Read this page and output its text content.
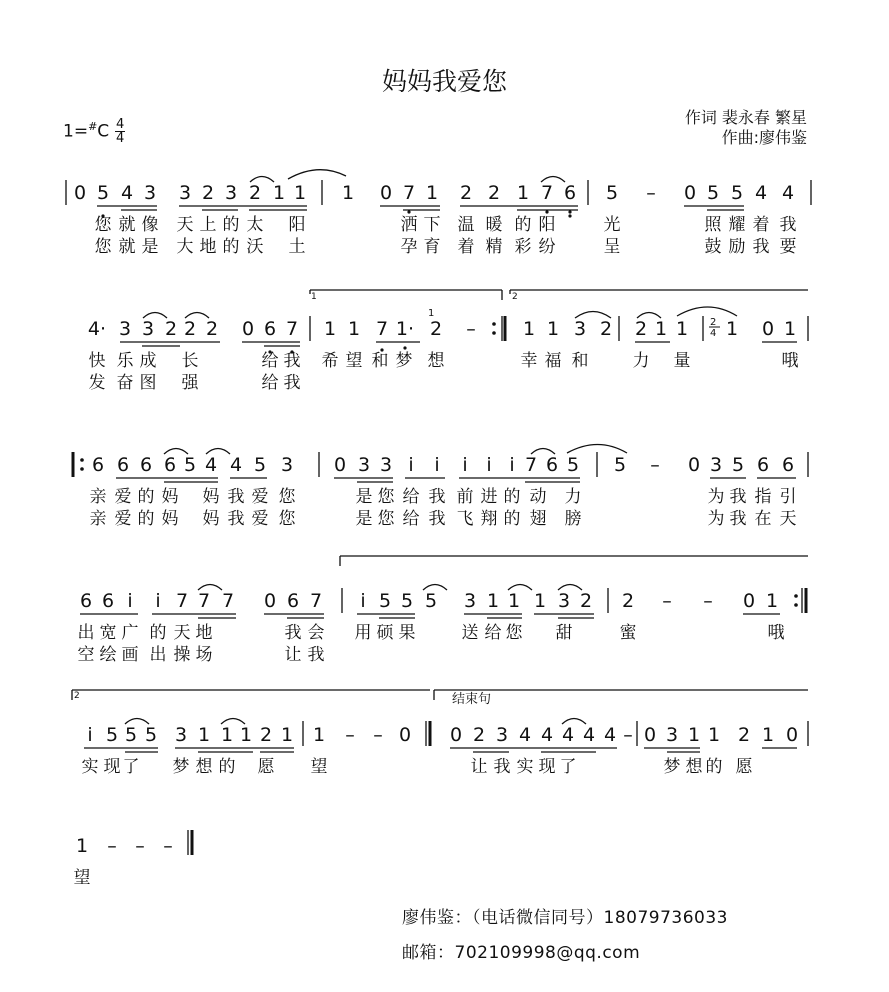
妈妈我爱您
作词 裴永春 繁星
作曲:廖伟鉴
$1=^{\#}C \frac{4}{4}$
0 5 4 3 3 2 3 2 1 1 1 0 7 1 2 2 1 7 6 5 – 0 5 5 4 4
4· 3 3 2 2 2 0 6 7 1 1 7 1· 2 – 1 1 3 2 2 1 1 1 0 1
6 6 6 6 5 4 4 5 3 0 3 3 i i i i i 7 6 5 5 – 0 3 5 6 6
6 6 i i 7 7 7 0 6 7 i 5 5 5 3 1 1 1 3 2 2 – – 0 1
i 5 5 5 3 1 1 1 2 1 1 – – 0 0 2 3 4 4 4 4 4 – 0 3 1 1 2 1 0
1 – – –
您 就 像 天 上 的 太 阳	洒 下 温 暖 的 阳	光	照 耀 着 我
您 就 是 大 地 的 沃 土	孕 育 着 精 彩 纷	呈	鼓 励 我 要
快 乐 成 长	给 我 希 望 和 梦 想	幸 福 和	力 量	哦
发 奋 图 强	给 我
亲 爱 的 妈 妈 我 爱 您	是 您 给 我 前 进 的 动 力	为 我 指 引
亲 爱 的 妈 妈 我 爱 您	是 您 给 我 飞 翔 的 翅 膀	为 我 在 天
出 宽 广 的 天 地	我 会 用 硕 果	送 给 您 甜	蜜	哦
空 绘 画 出 操 场	让 我
实 现 了 梦 想 的 愿 望	让 我 实 现 了	梦 想 的 愿
望
1	2
2	结束句
1
2
4
廖伟鉴：（电话微信同号）18079736033
邮箱：702109998@qq.com
